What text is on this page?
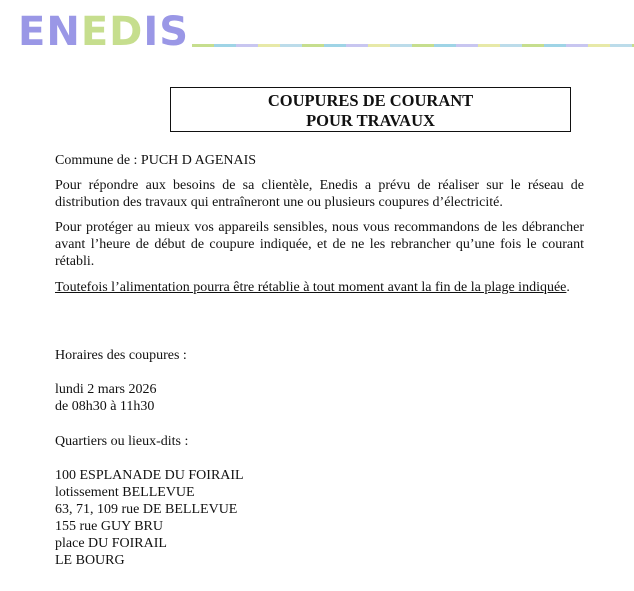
ENEDIS
COUPURES DE COURANT
POUR TRAVAUX
Commune de : PUCH D AGENAIS

Pour répondre aux besoins de sa clientèle, Enedis a prévu de réaliser sur le réseau de distribution des travaux qui entraîneront une ou plusieurs coupures d’électricité.

Pour protéger au mieux vos appareils sensibles, nous vous recommandons de les débrancher avant l’heure de début de coupure indiquée, et de ne les rebrancher qu’une fois le courant rétabli.

Toutefois l’alimentation pourra être rétablie à tout moment avant la fin de la plage indiquée.

Horaires des coupures :
lundi 2 mars 2026
de 08h30 à 11h30
Quartiers ou lieux-dits :
100 ESPLANADE DU FOIRAIL
lotissement BELLEVUE
63, 71, 109 rue DE BELLEVUE
155 rue GUY BRU
place DU FOIRAIL
LE BOURG
